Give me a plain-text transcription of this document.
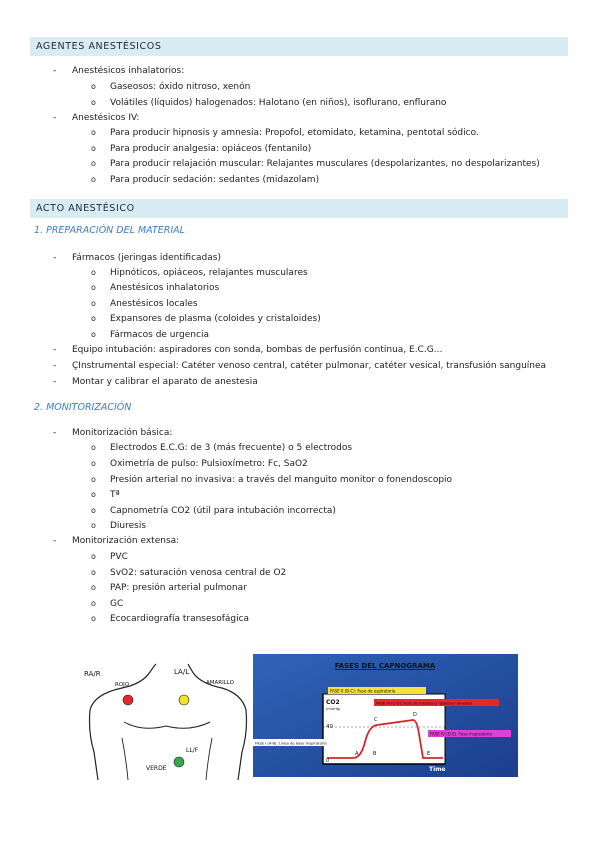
AGENTES ANESTÉSICOS
- Anestésicos inhalatorios:
o Gaseosos: óxido nitroso, xenón
o Volátiles (líquidos) halogenados: Halotano (en niños), isoflurano, enflurano
- Anestésicos IV:
o Para producir hipnosis y amnesia: Propofol, etomidato, ketamina, pentotal sódico.
o Para producir analgesia: opiáceos (fentanilo)
o Para producir relajación muscular: Relajantes musculares (despolarizantes, no despolarizantes)
o Para producir sedación: sedantes (midazolam)
ACTO ANESTÉSICO
1. PREPARACIÓN DEL MATERIAL
- Fármacos (jeringas identificadas)
o Hipnóticos, opiáceos, relajantes musculares
o Anestésicos inhalatorios
o Anestésicos locales
o Expansores de plasma (coloides y cristaloides)
o Fármacos de urgencia
- Equipo intubación: aspiradores con sonda, bombas de perfusión continua, E.C.G…
- ÇInstrumental especial: Catéter venoso central, catéter pulmonar, catéter vesical, transfusión sanguínea
- Montar y calibrar el aparato de anestesia
2. MONITORIZACIÓN
- Monitorización básica:
o Electrodos E.C.G: de 3 (más frecuente) o 5 electrodos
o Oximetría de pulso: Pulsioxímetro: Fc, SaO2
o Presión arterial no invasiva: a través del manguito monitor o fonendoscopio
o Tª
o Capnometría CO2 (útil para intubación incorrecta)
o Diuresis
- Monitorización extensa:
o PVC
o SvO2: saturación venosa central de O2
o PAP: presión arterial pulmonar
o GC
o Ecocardiografía transesofágica
RA/R	LA/L
ROJO	AMARILLO
LL/F
VERDE
FASES DEL CAPNOGRAMA
CO2
(mmHg)
40
0
Time
A	B
C
D
E
FASE II (B-C): Fase de espiratoria
FASE III (C-D): Fase de meseta o "plateau" alveolar
FASE IV (D-E): Fase inspiratoria
FASE I (A-B): Línea de base inspiratoria
